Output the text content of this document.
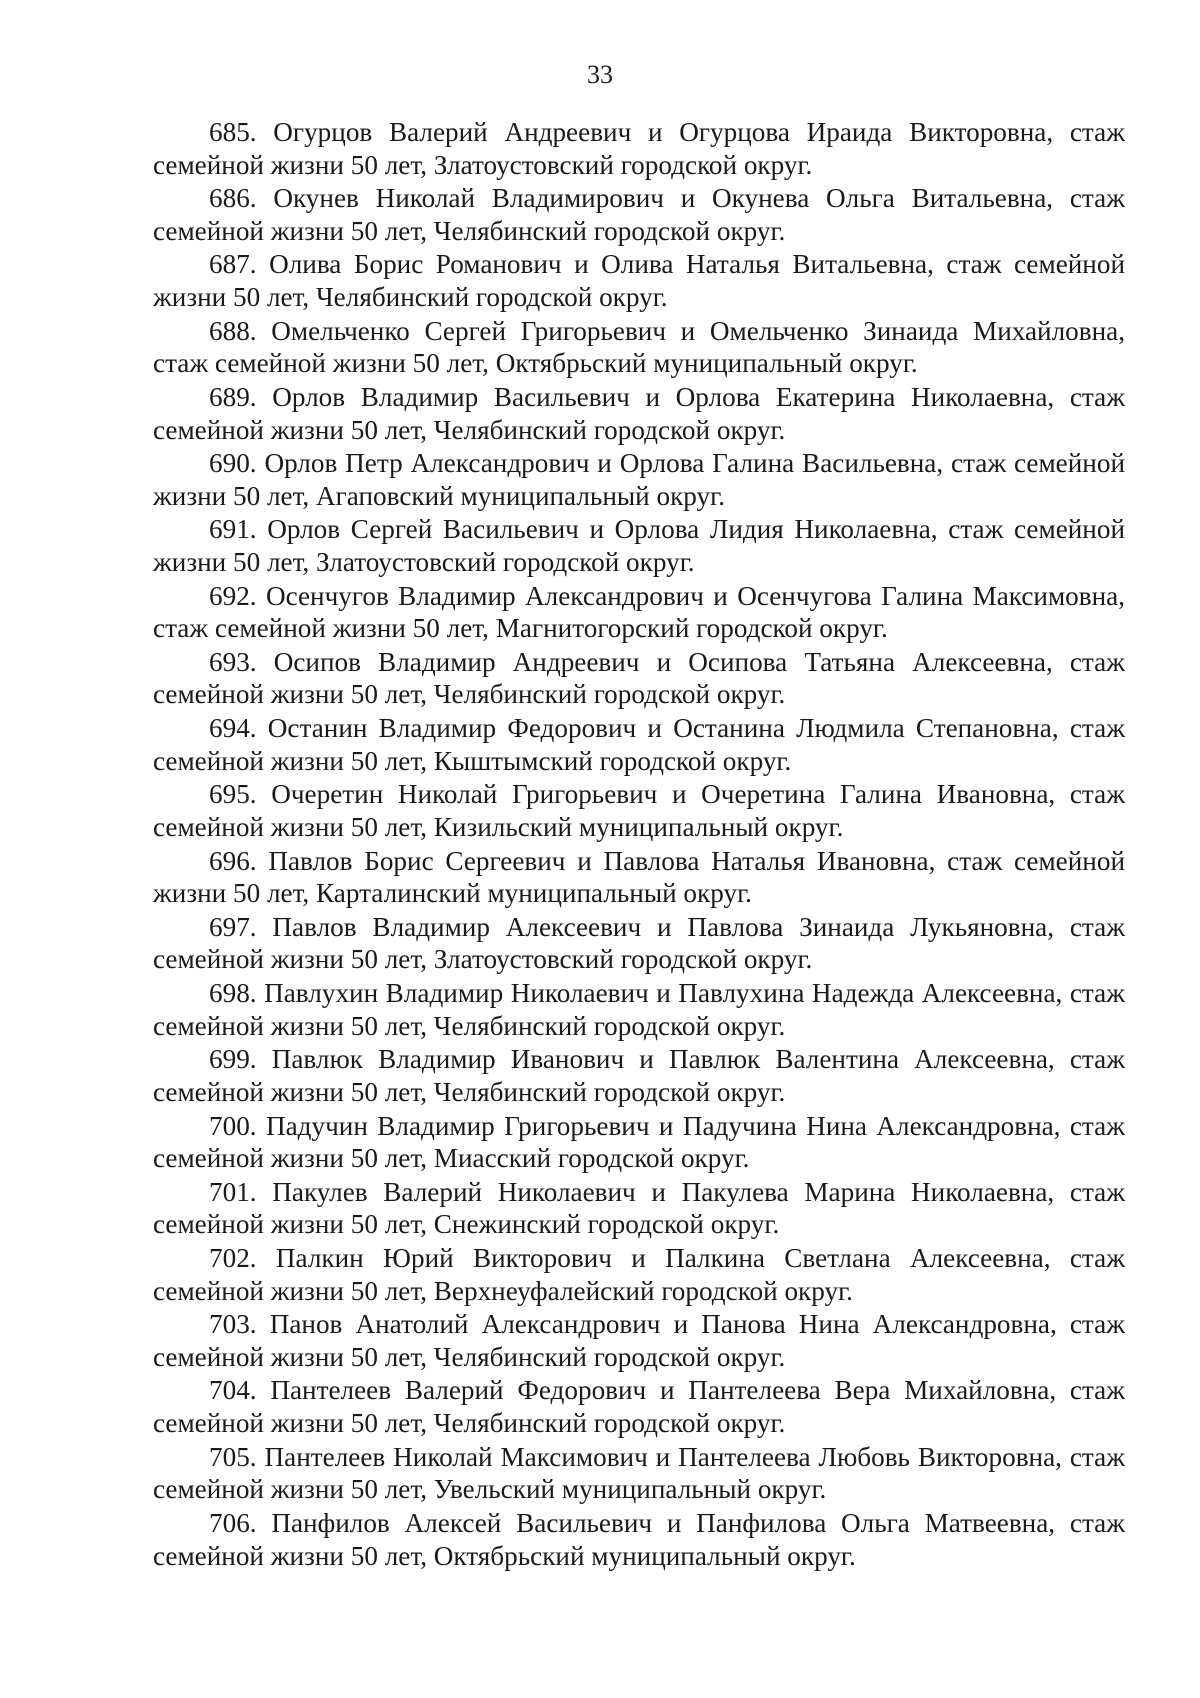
33

685. Огурцов Валерий Андреевич и Огурцова Ираида Викторовна, стаж семейной жизни 50 лет, Златоустовский городской округ.

686. Окунев Николай Владимирович и Окунева Ольга Витальевна, стаж семейной жизни 50 лет, Челябинский городской округ.

687. Олива Борис Романович и Олива Наталья Витальевна, стаж семейной жизни 50 лет, Челябинский городской округ.

688. Омельченко Сергей Григорьевич и Омельченко Зинаида Михайловна, стаж семейной жизни 50 лет, Октябрьский муниципальный округ.

689. Орлов Владимир Васильевич и Орлова Екатерина Николаевна, стаж семейной жизни 50 лет, Челябинский городской округ.

690. Орлов Петр Александрович и Орлова Галина Васильевна, стаж семейной жизни 50 лет, Агаповский муниципальный округ.

691. Орлов Сергей Васильевич и Орлова Лидия Николаевна, стаж семейной жизни 50 лет, Златоустовский городской округ.

692. Осенчугов Владимир Александрович и Осенчугова Галина Максимовна, стаж семейной жизни 50 лет, Магнитогорский городской округ.

693. Осипов Владимир Андреевич и Осипова Татьяна Алексеевна, стаж семейной жизни 50 лет, Челябинский городской округ.

694. Останин Владимир Федорович и Останина Людмила Степановна, стаж семейной жизни 50 лет, Кыштымский городской округ.

695. Очеретин Николай Григорьевич и Очеретина Галина Ивановна, стаж семейной жизни 50 лет, Кизильский муниципальный округ.

696. Павлов Борис Сергеевич и Павлова Наталья Ивановна, стаж семейной жизни 50 лет, Карталинский муниципальный округ.

697. Павлов Владимир Алексеевич и Павлова Зинаида Лукьяновна, стаж семейной жизни 50 лет, Златоустовский городской округ.

698. Павлухин Владимир Николаевич и Павлухина Надежда Алексеевна, стаж семейной жизни 50 лет, Челябинский городской округ.

699. Павлюк Владимир Иванович и Павлюк Валентина Алексеевна, стаж семейной жизни 50 лет, Челябинский городской округ.

700. Падучин Владимир Григорьевич и Падучина Нина Александровна, стаж семейной жизни 50 лет, Миасский городской округ.

701. Пакулев Валерий Николаевич и Пакулева Марина Николаевна, стаж семейной жизни 50 лет, Снежинский городской округ.

702. Палкин Юрий Викторович и Палкина Светлана Алексеевна, стаж семейной жизни 50 лет, Верхнеуфалейский городской округ.

703. Панов Анатолий Александрович и Панова Нина Александровна, стаж семейной жизни 50 лет, Челябинский городской округ.

704. Пантелеев Валерий Федорович и Пантелеева Вера Михайловна, стаж семейной жизни 50 лет, Челябинский городской округ.

705. Пантелеев Николай Максимович и Пантелеева Любовь Викторовна, стаж семейной жизни 50 лет, Увельский муниципальный округ.

706. Панфилов Алексей Васильевич и Панфилова Ольга Матвеевна, стаж семейной жизни 50 лет, Октябрьский муниципальный округ.
